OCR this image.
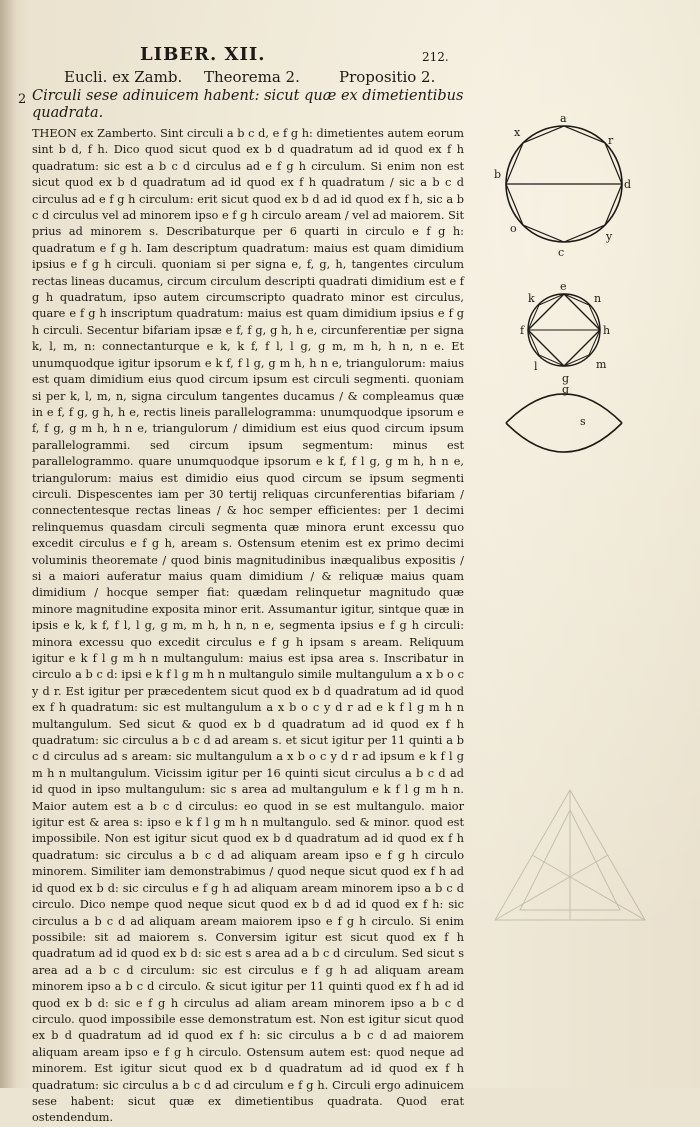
LIBER. XII.	212.
Eucli. ex Zamb.	Theorema 2.	Propositio 2.
2 Circuli sese adinuicem habent: sicut quæ ex dimetientibus quadrata.

THEON ex Zamberto. Sint circuli a b c d, e f g h: dimetientes autem eorum sint b d, f h. Dico quod sicut quod ex b d quadratum ad id quod ex f h quadratum: sic est a b c d circulus ad e f g h circulum. Si enim non est sicut quod ex b d quadratum ad id quod ex f h quadratum / sic a b c d circulus ad e f g h circulum: erit sicut quod ex b d ad id quod ex f h, sic a b c d circulus vel ad minorem ipso e f g h circulo aream / vel ad maiorem. Sit prius ad minorem s. Describaturque per 6 quarti in circulo e f g h: quadratum e f g h. Iam descriptum quadratum: maius est quam dimidium ipsius e f g h circuli. quoniam si per signa e, f, g, h, tangentes circulum rectas lineas ducamus, circum circulum descripti quadrati dimidium est e f g h quadratum, ipso autem circumscripto quadrato minor est circulus, quare e f g h inscriptum quadratum: maius est quam dimidium ipsius e f g h circuli. Secentur bifariam ipsæ e f, f g, g h, h e, circunferentiæ per signa k, l, m, n: connectanturque e k, k f, f l, l g, g m, m h, h n, n e. Et unumquodque igitur ipsorum e k f, f l g, g m h, h n e, triangulorum: maius est quam dimidium eius quod circum ipsum est circuli segmenti. quoniam si per k, l, m, n, signa circulum tangentes ducamus / & compleamus quæ in e f, f g, g h, h e, rectis lineis parallelogramma: unumquodque ipsorum e f, f g, g m h, h n e, triangulorum / dimidium est eius quod circum ipsum parallelogrammi. sed circum ipsum segmentum: minus est parallelogrammo. quare unumquodque ipsorum e k f, f l g, g m h, h n e, triangulorum: maius est dimidio eius quod circum se ipsum segmenti circuli. Dispescentes iam per 30 tertij reliquas circunferentias bifariam / connectentesque rectas lineas / & hoc semper efficientes: per 1 decimi relinquemus quasdam circuli segmenta quæ minora erunt excessu quo excedit circulus e f g h, aream s. Ostensum etenim est ex primo decimi voluminis theoremate / quod binis magnitudinibus inæqualibus expositis / si a maiori auferatur maius quam dimidium / & reliquæ maius quam dimidium / hocque semper fiat: quædam relinquetur magnitudo quæ minore magnitudine exposita minor erit. Assumantur igitur, sintque quæ in ipsis e k, k f, f l, l g, g m, m h, h n, n e, segmenta ipsius e f g h circuli: minora excessu quo excedit circulus e f g h ipsam s aream. Reliquum igitur e k f l g m h n multangulum: maius est ipsa area s. Inscribatur in circulo a b c d: ipsi e k f l g m h n multangulo simile multangulum a x b o c y d r. Est igitur per præcedentem sicut quod ex b d quadratum ad id quod ex f h quadratum: sic est multangulum a x b o c y d r ad e k f l g m h n multangulum. Sed sicut & quod ex b d quadratum ad id quod ex f h quadratum: sic circulus a b c d ad aream s. et sicut igitur per 11 quinti a b c d circulus ad s aream: sic multangulum a x b o c y d r ad ipsum e k f l g m h n multangulum. Vicissim igitur per 16 quinti sicut circulus a b c d ad id quod in ipso multangulum: sic s area ad multangulum e k f l g m h n. Maior autem est a b c d circulus: eo quod in se est multangulo. maior igitur est & area s: ipso e k f l g m h n multangulo. sed & minor. quod est impossibile. Non est igitur sicut quod ex b d quadratum ad id quod ex f h quadratum: sic circulus a b c d ad aliquam aream ipso e f g h circulo minorem. Similiter iam demonstrabimus / quod neque sicut quod ex f h ad id quod ex b d: sic circulus e f g h ad aliquam aream minorem ipso a b c d circulo. Dico nempe quod neque sicut quod ex b d ad id quod ex f h: sic circulus a b c d ad aliquam aream maiorem ipso e f g h circulo. Si enim possibile: sit ad maiorem s. Conversim igitur est sicut quod ex f h quadratum ad id quod ex b d: sic est s area ad a b c d circulum. Sed sicut s area ad a b c d circulum: sic est circulus e f g h ad aliquam aream minorem ipso a b c d circulo. & sicut igitur per 11 quinti quod ex f h ad id quod ex b d: sic e f g h circulus ad aliam aream minorem ipso a b c d circulo. quod impossibile esse demonstratum est. Non est igitur sicut quod ex b d quadratum ad id quod ex f h: sic circulus a b c d ad maiorem aliquam aream ipso e f g h circulo. Ostensum autem est: quod neque ad minorem. Est igitur sicut quod ex b d quadratum ad id quod ex f h quadratum: sic circulus a b c d ad circulum e f g h. Circuli ergo adinuicem sese habent: sicut quæ ex dimetientibus quadrata. Quod erat ostendendum.

a
b
c
d
x
r
o
y
e
k	n
f	h
l	m
g
g
s
